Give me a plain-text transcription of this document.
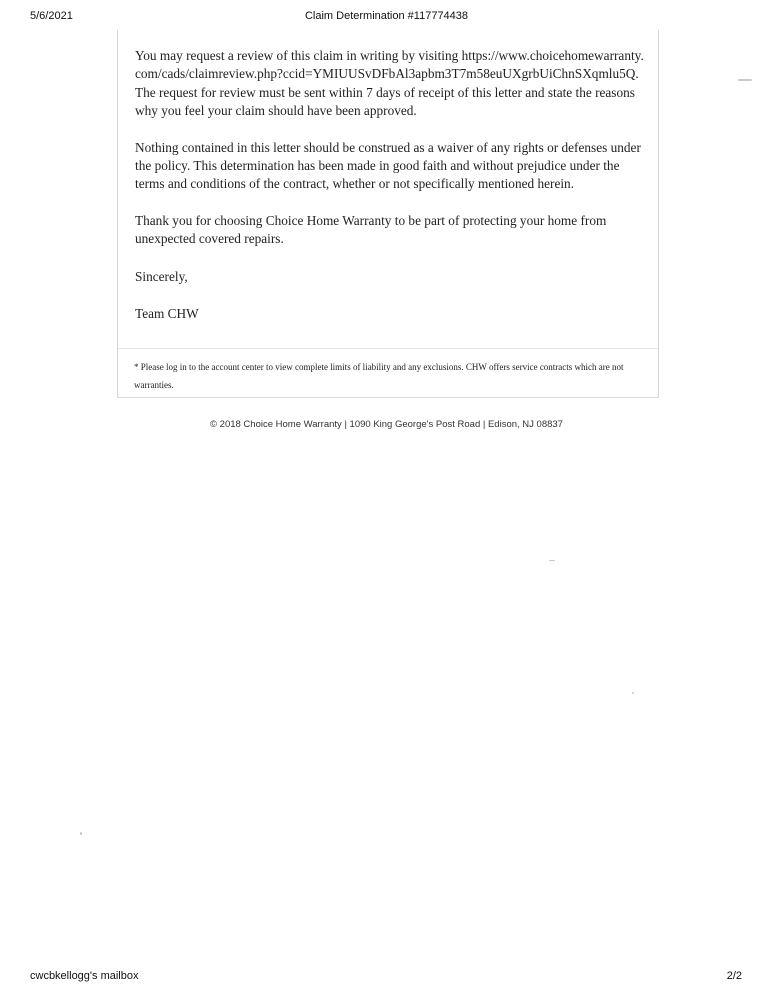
5/6/2021	Claim Determination #117774438

You may request a review of this claim in writing by visiting https://www.choicehomewarranty.com/cads/claimreview.php?ccid=YMIUUSvDFbAl3apbm3T7m58euUXgrbUiChnSXqmlu5Q. The request for review must be sent within 7 days of receipt of this letter and state the reasons why you feel your claim should have been approved.

Nothing contained in this letter should be construed as a waiver of any rights or defenses under the policy. This determination has been made in good faith and without prejudice under the terms and conditions of the contract, whether or not specifically mentioned herein.

Thank you for choosing Choice Home Warranty to be part of protecting your home from unexpected covered repairs.

Sincerely,

Team CHW

* Please log in to the account center to view complete limits of liability and any exclusions. CHW offers service contracts which are not warranties.
© 2018 Choice Home Warranty | 1090 King George's Post Road | Edison, NJ 08837
cwcbkellogg's mailbox	2/2
